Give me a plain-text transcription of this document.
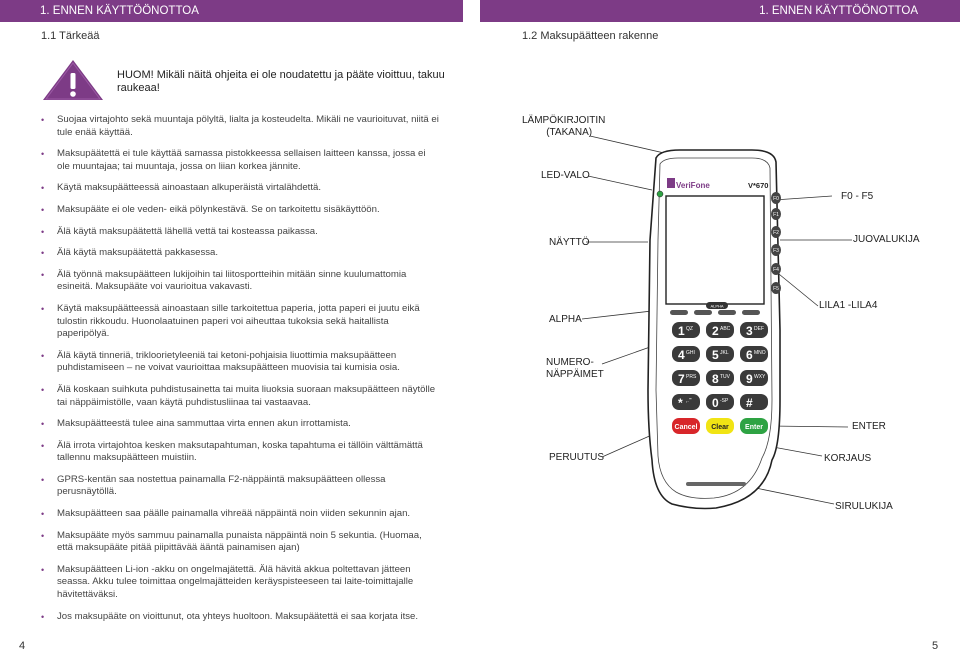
1. ENNEN KÄYTTÖÖNOTTOA	1. ENNEN KÄYTTÖÖNOTTOA
1.1 Tärkeää
HUOM! Mikäli näitä ohjeita ei ole noudatettu ja pääte vioittuu, takuu raukeaa!
• Suojaa virtajohto sekä muuntaja pölyltä, lialta ja kosteudelta. Mikäli ne vaurioituvat, niitä ei tule enää käyttää.
• Maksupäätettä ei tule käyttää samassa pistokkeessa sellaisen laitteen kanssa, jossa ei ole muuntajaa; tai muuntaja, jossa on liian korkea jännite.
• Käytä maksupäätteessä ainoastaan alkuperäistä virtalähdettä.
• Maksupääte ei ole veden- eikä pölynkestävä. Se on tarkoitettu sisäkäyttöön.
• Älä käytä maksupäätettä lähellä vettä tai kosteassa paikassa.
• Älä käytä maksupäätettä pakkasessa.
• Älä työnnä maksupäätteen lukijoihin tai liitosportteihin mitään sinne kuulumattomia esineitä. Maksupääte voi vaurioitua vakavasti.
• Käytä maksupäätteessä ainoastaan sille tarkoitettua paperia, jotta paperi ei juutu eikä tulostin rikkoudu. Huonolaatuinen paperi voi aiheuttaa tukoksia sekä haitallista paperipölyä.
• Älä käytä tinneriä, trikloorietyleeniä tai ketoni-pohjaisia liuottimia maksupäätteen puhdistamiseen – ne voivat vaurioittaa maksupäätteen muovisia tai kumisia osia.
• Älä koskaan suihkuta puhdistusainetta tai muita liuoksia suoraan maksupäätteen näytölle tai näppäimistölle, vaan käytä puhdistusliinaa tai vastaavaa.
• Maksupäätteestä tulee aina sammuttaa virta ennen akun irrottamista.
• Älä irrota virtajohtoa kesken maksutapahtuman, koska tapahtuma ei tällöin välttämättä tallennu maksupäätteen muistiin.
• GPRS-kentän saa nostettua painamalla F2-näppäintä maksupäätteen ollessa perusnäytöllä.
• Maksupäätteen saa päälle painamalla vihreää näppäintä noin viiden sekunnin ajan.
• Maksupääte myös sammuu painamalla punaista näppäintä noin 5 sekuntia. (Huomaa, että maksupääte pitää piipittävää ääntä painamisen ajan)
• Maksupäätteen Li-ion -akku on ongelmajätettä. Älä hävitä akkua poltettavan jätteen seassa. Akku tulee toimittaa ongelmajätteiden keräyspisteeseen tai laite-toimittajalle hävitettäväksi.
• Jos maksupääte on vioittunut, ota yhteys huoltoon. Maksupäätettä ei saa korjata itse.
4
1.2 Maksupäätteen rakenne
5
VeriFone	V*670
F0
F1
F2
F3
F4
F5
ALPHA
1 QZ 2 ABC 3 DEF
4 GHI 5 JKL 6 MNO
7 PRS 8 TUV 9 WXY
* ,.'" 0 -SP #
Cancel Clear Enter
LÄMPÖKIRJOITIN
(TAKANA)
LED-VALO
NÄYTTÖ
ALPHA
NUMERO-
NÄPPÄIMET
PERUUTUS
F0 - F5
JUOVALUKIJA
LILA1 -LILA4
ENTER
KORJAUS
SIRULUKIJA
